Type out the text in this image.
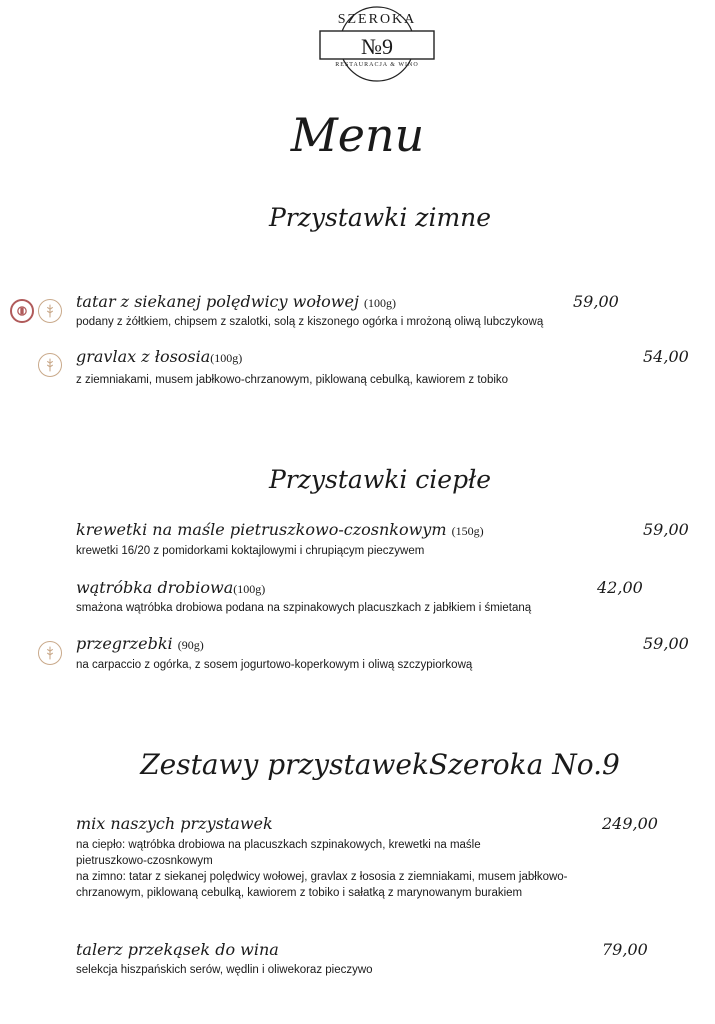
SZEROKA
№9
RESTAURACJA & WINO
Menu
Przystawki zimne
tatar z siekanej polędwicy wołowej (100g)	59,00
podany z żółtkiem, chipsem z szalotki, solą z kiszonego ogórka i mrożoną oliwą lubczykową
gravlax z łososia(100g)	54,00
z ziemniakami, musem jabłkowo-chrzanowym, piklowaną cebulką, kawiorem z tobiko
Przystawki ciepłe
krewetki na maśle pietruszkowo-czosnkowym (150g)	59,00
krewetki 16/20 z pomidorkami koktajlowymi i chrupiącym pieczywem
wątróbka drobiowa(100g)	42,00
smażona wątróbka drobiowa podana na szpinakowych placuszkach z jabłkiem i śmietaną
przegrzebki (90g)	59,00
na carpaccio z ogórka, z sosem jogurtowo-koperkowym i oliwą szczypiorkową
Zestawy przystawekSzeroka No.9
mix naszych przystawek	249,00
na ciepło: wątróbka drobiowa na placuszkach szpinakowych, krewetki na maśle
pietruszkowo-czosnkowym
na zimno: tatar z siekanej polędwicy wołowej, gravlax z łososia z ziemniakami, musem jabłkowo-
chrzanowym, piklowaną cebulką, kawiorem z tobiko i sałatką z marynowanym burakiem
talerz przekąsek do wina	79,00
selekcja hiszpańskich serów, wędlin i oliwekoraz pieczywo
